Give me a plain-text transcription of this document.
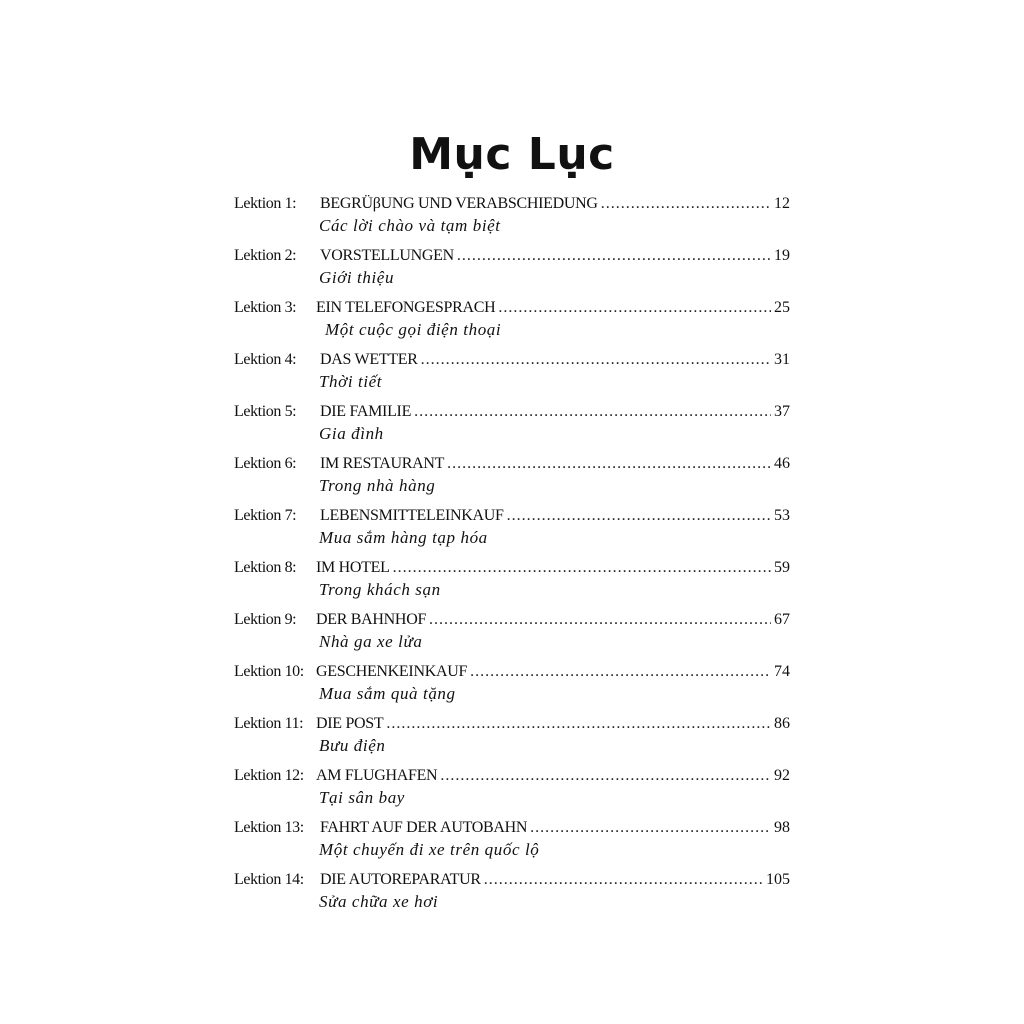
Mục Lục
Lektion 1:	BEGRÜβUNG UND VERABSCHIEDUNG .....	12
Các lời chào và tạm biệt
Lektion 2:	VORSTELLUNGEN .....	19
Giới thiệu
Lektion 3:	EIN TELEFONGESPRACH .....	25
Một cuộc gọi điện thoại
Lektion 4:	DAS WETTER .....	31
Thời tiết
Lektion 5:	DIE FAMILIE .....	37
Gia đình
Lektion 6:	IM RESTAURANT .....	46
Trong nhà hàng
Lektion 7:	LEBENSMITTELEINKAUF .....	53
Mua sắm hàng tạp hóa
Lektion 8:	IM HOTEL .....	59
Trong khách sạn
Lektion 9:	DER BAHNHOF .....	67
Nhà ga xe lửa
Lektion 10: GESCHENKEINKAUF .....	74
Mua sắm quà tặng
Lektion 11: DIE POST .....	86
Bưu điện
Lektion 12: AM FLUGHAFEN .....	92
Tại sân bay
Lektion 13:	FAHRT AUF DER AUTOBAHN .....	98
Một chuyến đi xe trên quốc lộ
Lektion 14:	DIE AUTOREPARATUR .....	105
Sửa chữa xe hơi
